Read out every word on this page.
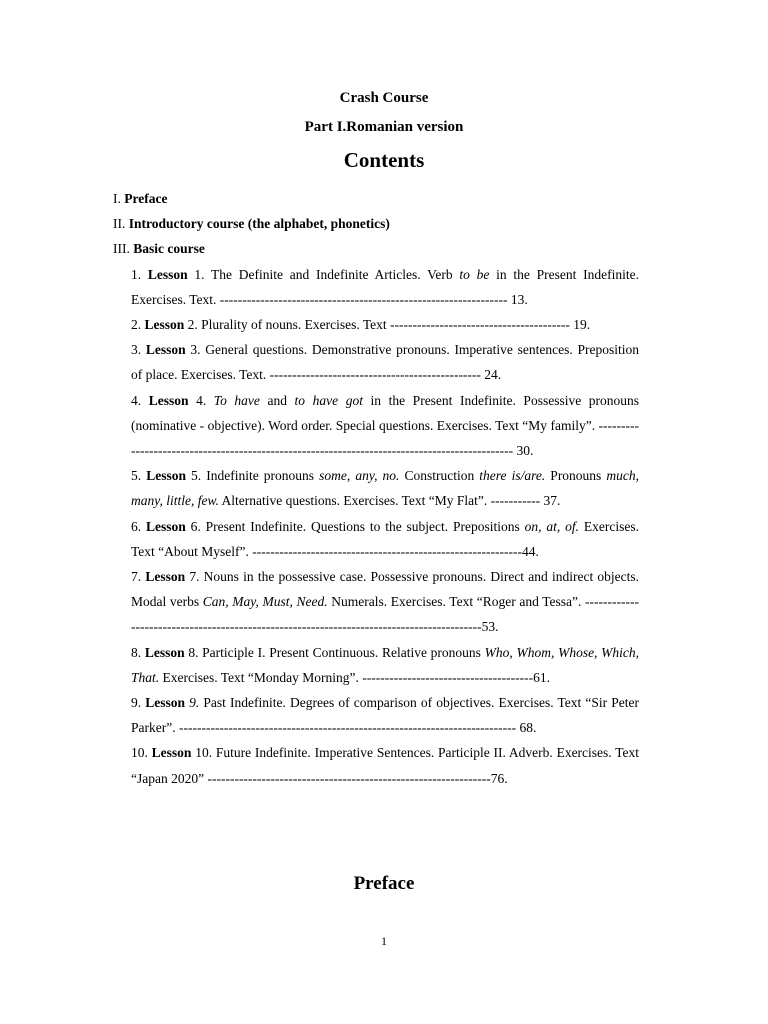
Crash Course
Part I.Romanian version
Contents
I. Preface
II. Introductory course (the alphabet, phonetics)
III. Basic course
1. Lesson 1. The Definite and Indefinite Articles. Verb to be in the Present Indefinite. Exercises. Text. ---------------------------------------------------------------- 13.
2. Lesson 2. Plurality of nouns. Exercises. Text ---------------------------------------- 19.
3. Lesson 3. General questions. Demonstrative pronouns. Imperative sentences. Preposition of place. Exercises. Text. ----------------------------------------------- 24.
4. Lesson 4. To have and to have got in the Present Indefinite. Possessive pronouns (nominative - objective). Word order. Special questions. Exercises. Text “My family”. ---------------------------------------------------------------------------------------------- 30.
5. Lesson 5. Indefinite pronouns some, any, no. Construction there is/are. Pronouns much, many, little, few. Alternative questions. Exercises. Text “My Flat”. ----------- 37.
6. Lesson 6. Present Indefinite. Questions to the subject. Prepositions on, at, of. Exercises. Text “About Myself”. ------------------------------------------------------------44.
7. Lesson 7. Nouns in the possessive case. Possessive pronouns. Direct and indirect objects. Modal verbs Can, May, Must, Need. Numerals. Exercises. Text “Roger and Tessa”. ------------------------------------------------------------------------------------------53.
8. Lesson 8. Participle I. Present Continuous. Relative pronouns Who, Whom, Whose, Which, That. Exercises. Text “Monday Morning”. --------------------------------------61.
9. Lesson 9. Past Indefinite. Degrees of comparison of objectives. Exercises. Text “Sir Peter Parker”. --------------------------------------------------------------------------- 68.
10. Lesson 10. Future Indefinite. Imperative Sentences. Participle II. Adverb. Exercises. Text “Japan 2020” ---------------------------------------------------------------76.
Preface
1
